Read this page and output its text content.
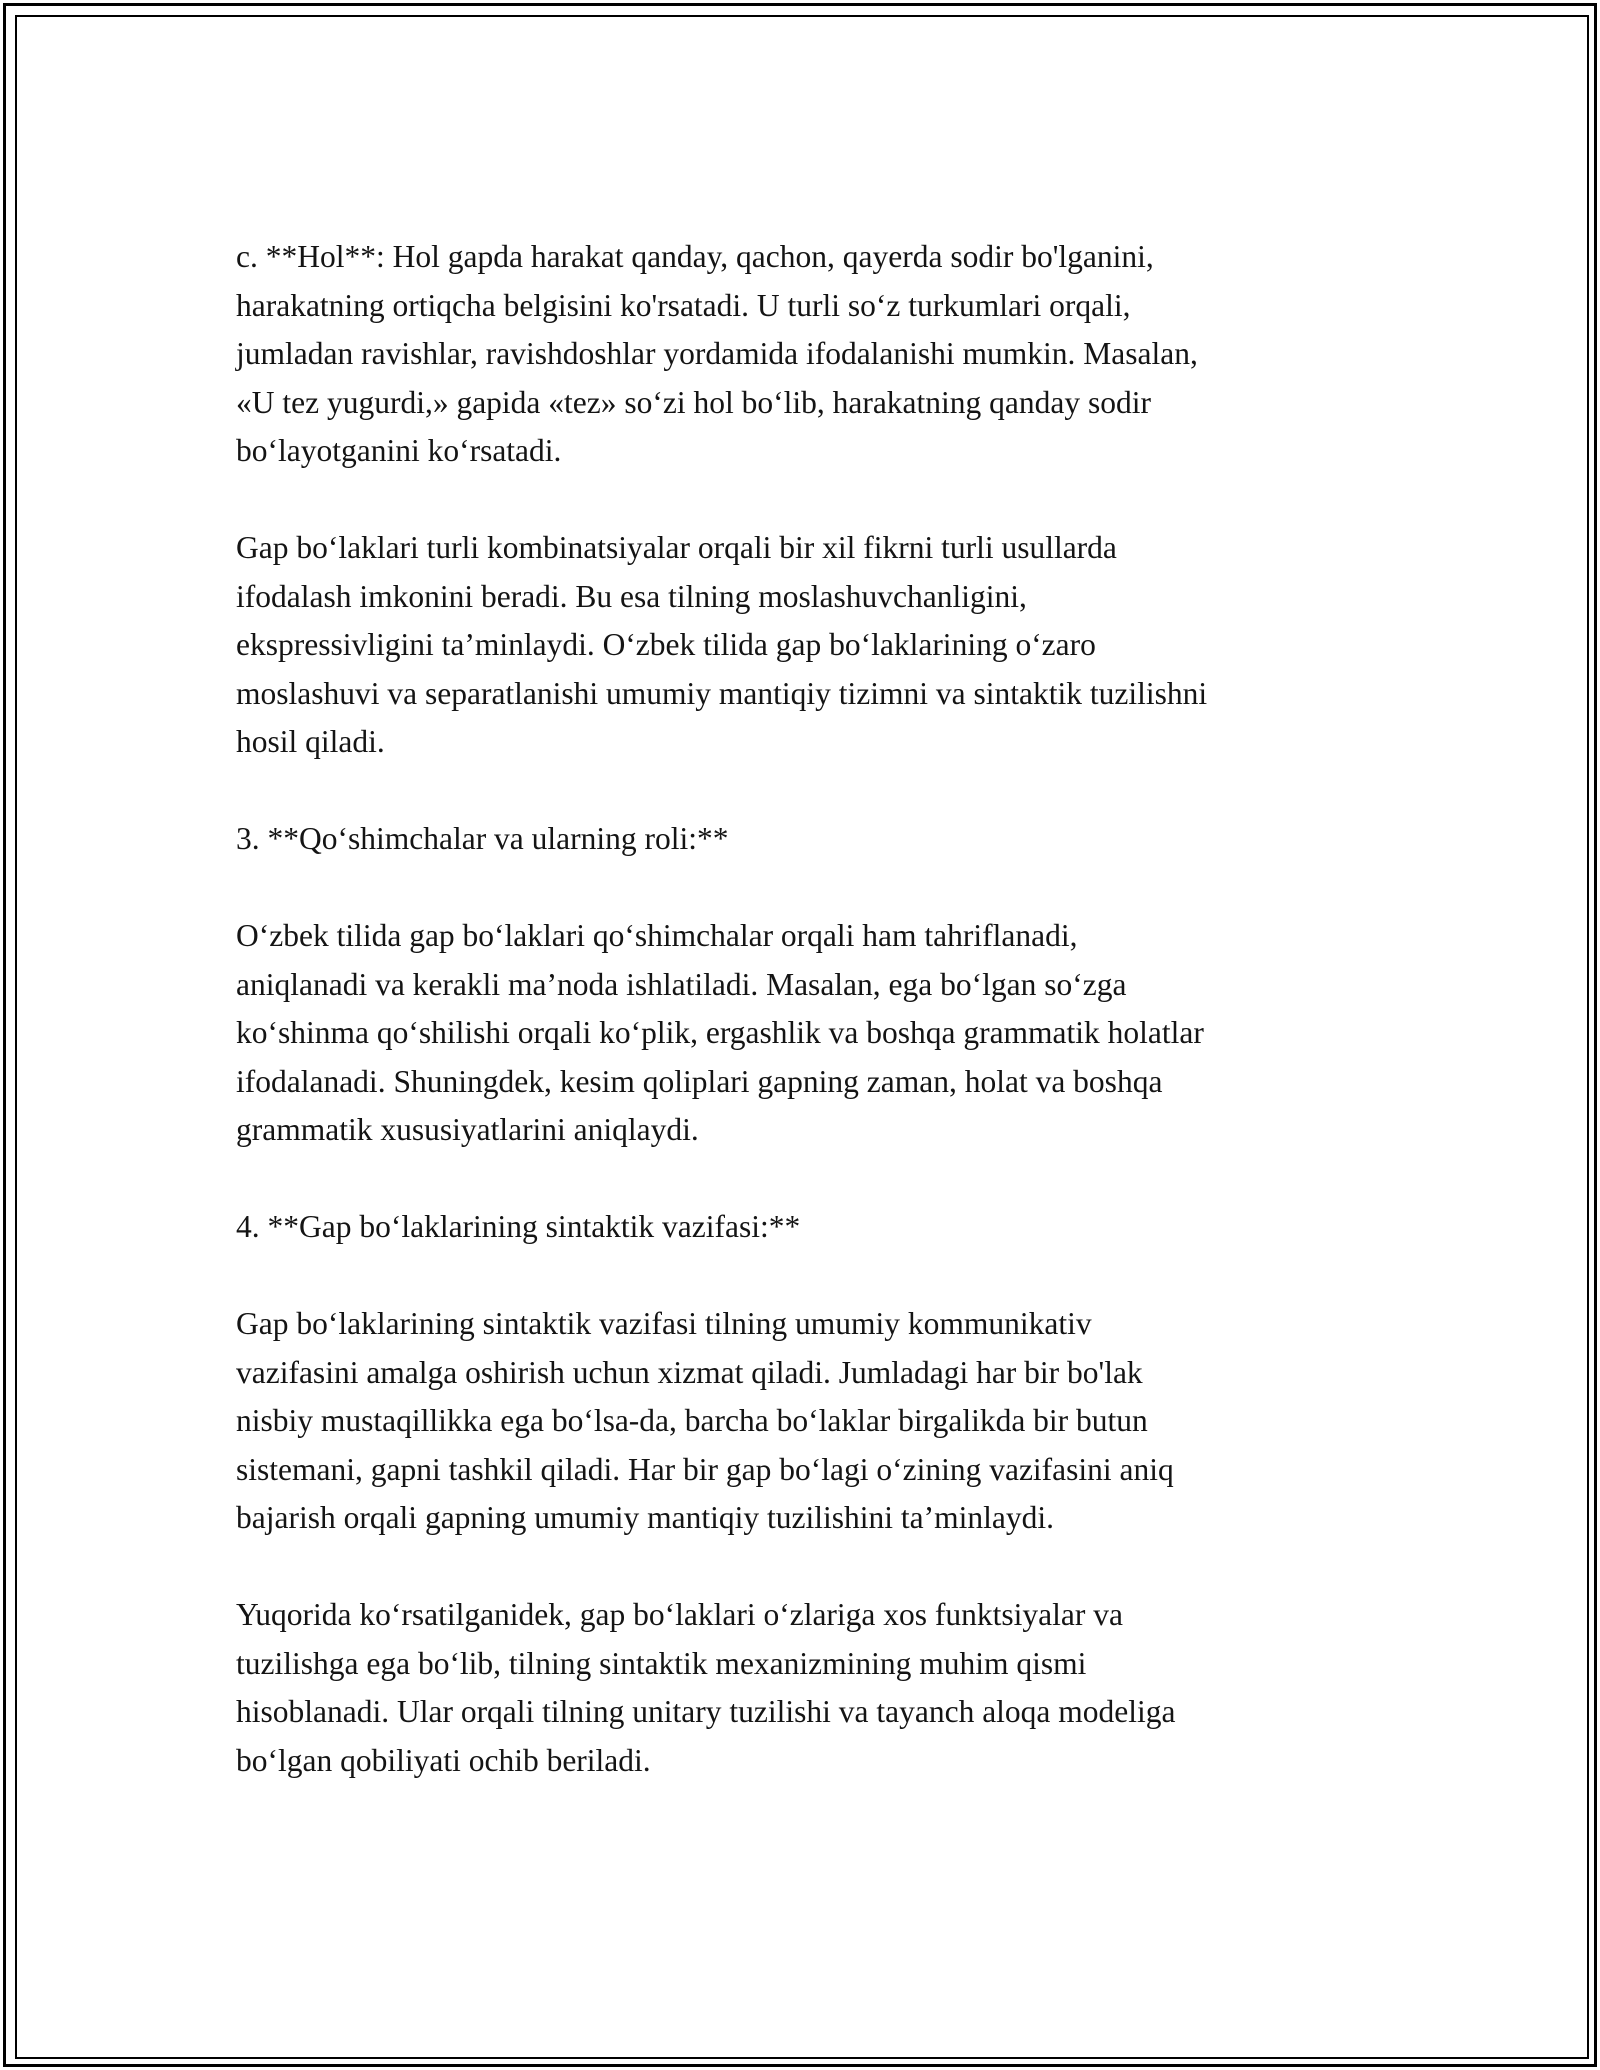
c. **Hol**: Hol gapda harakat qanday, qachon, qayerda sodir bo'lganini,
harakatning ortiqcha belgisini ko'rsatadi. U turli so‘z turkumlari orqali,
jumladan ravishlar, ravishdoshlar yordamida ifodalanishi mumkin. Masalan,
«U tez yugurdi,» gapida «tez» so‘zi hol bo‘lib, harakatning qanday sodir
bo‘layotganini ko‘rsatadi.

Gap bo‘laklari turli kombinatsiyalar orqali bir xil fikrni turli usullarda
ifodalash imkonini beradi. Bu esa tilning moslashuvchanligini,
ekspressivligini ta’minlaydi. O‘zbek tilida gap bo‘laklarining o‘zaro
moslashuvi va separatlanishi umumiy mantiqiy tizimni va sintaktik tuzilishni
hosil qiladi.

3. **Qo‘shimchalar va ularning roli:**

O‘zbek tilida gap bo‘laklari qo‘shimchalar orqali ham tahriflanadi,
aniqlanadi va kerakli ma’noda ishlatiladi. Masalan, ega bo‘lgan so‘zga
ko‘shinma qo‘shilishi orqali ko‘plik, ergashlik va boshqa grammatik holatlar
ifodalanadi. Shuningdek, kesim qoliplari gapning zaman, holat va boshqa
grammatik xususiyatlarini aniqlaydi.

4. **Gap bo‘laklarining sintaktik vazifasi:**

Gap bo‘laklarining sintaktik vazifasi tilning umumiy kommunikativ
vazifasini amalga oshirish uchun xizmat qiladi. Jumladagi har bir bo'lak
nisbiy mustaqillikka ega bo‘lsa-da, barcha bo‘laklar birgalikda bir butun
sistemani, gapni tashkil qiladi. Har bir gap bo‘lagi o‘zining vazifasini aniq
bajarish orqali gapning umumiy mantiqiy tuzilishini ta’minlaydi.

Yuqorida ko‘rsatilganidek, gap bo‘laklari o‘zlariga xos funktsiyalar va
tuzilishga ega bo‘lib, tilning sintaktik mexanizmining muhim qismi
hisoblanadi. Ular orqali tilning unitary tuzilishi va tayanch aloqa modeliga
bo‘lgan qobiliyati ochib beriladi.
